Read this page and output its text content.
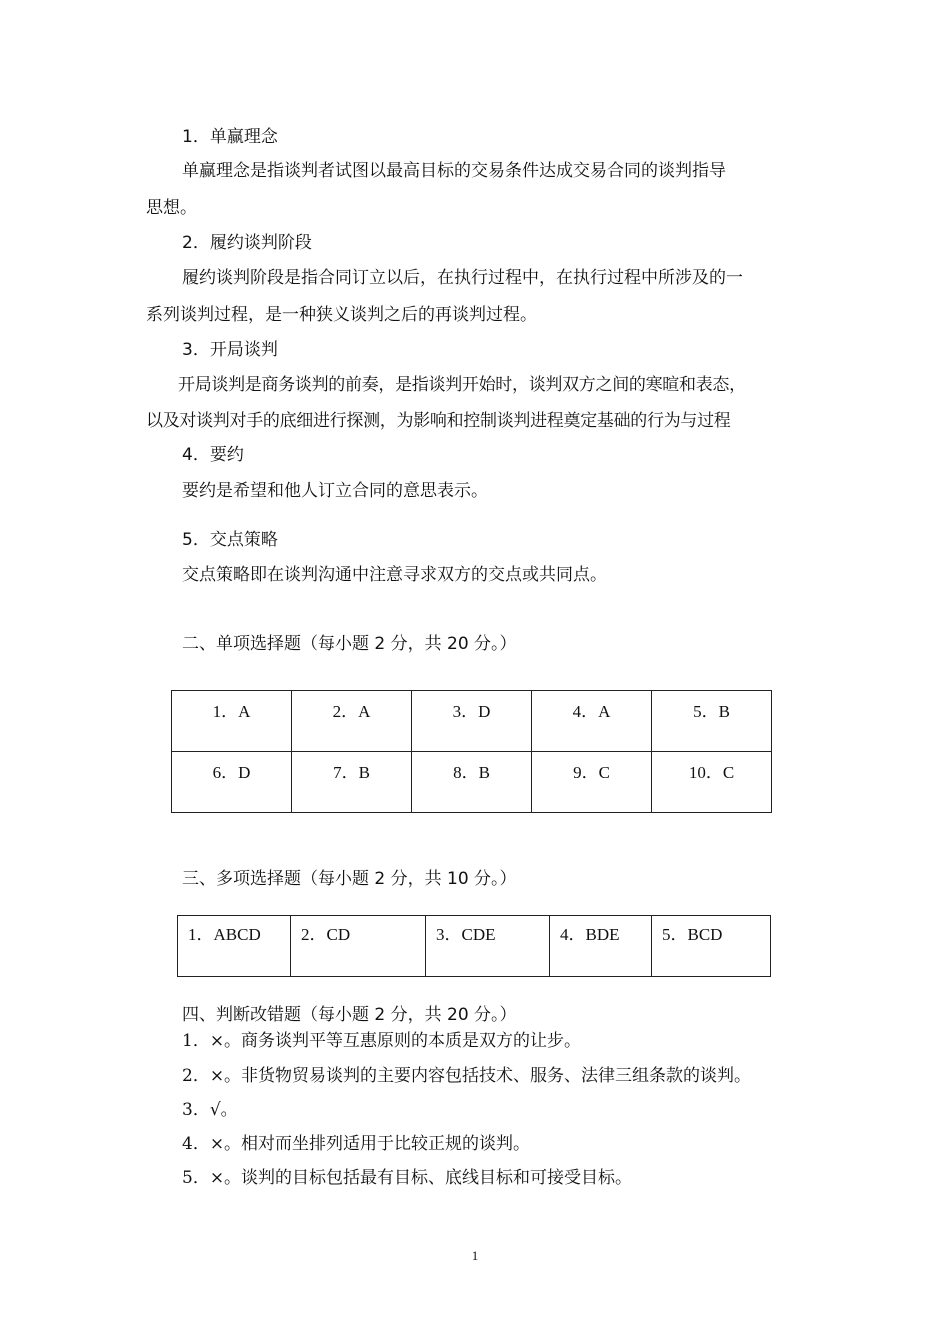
1．单赢理念
单赢理念是指谈判者试图以最高目标的交易条件达成交易合同的谈判指导
思想。
2．履约谈判阶段
履约谈判阶段是指合同订立以后，在执行过程中，在执行过程中所涉及的一
系列谈判过程，是一种狭义谈判之后的再谈判过程。
3．开局谈判
开局谈判是商务谈判的前奏，是指谈判开始时，谈判双方之间的寒暄和表态，
以及对谈判对手的底细进行探测，为影响和控制谈判进程奠定基础的行为与过程
4．要约
要约是希望和他人订立合同的意思表示。
5．交点策略
交点策略即在谈判沟通中注意寻求双方的交点或共同点。
二、单项选择题（每小题 2 分，共 20 分。）
1．A	2．A	3．D	4．A	5．B
6．D	7．B	8．B	9．C	10．C
三、多项选择题（每小题 2 分，共 10 分。）
1．ABCD	2．CD	3．CDE	4．BDE	5．BCD
四、判断改错题（每小题 2 分，共 20 分。）
1．×。商务谈判平等互惠原则的本质是双方的让步。
2．×。非货物贸易谈判的主要内容包括技术、服务、法律三组条款的谈判。
3．√。
4．×。相对而坐排列适用于比较正规的谈判。
5．×。谈判的目标包括最有目标、底线目标和可接受目标。
1
